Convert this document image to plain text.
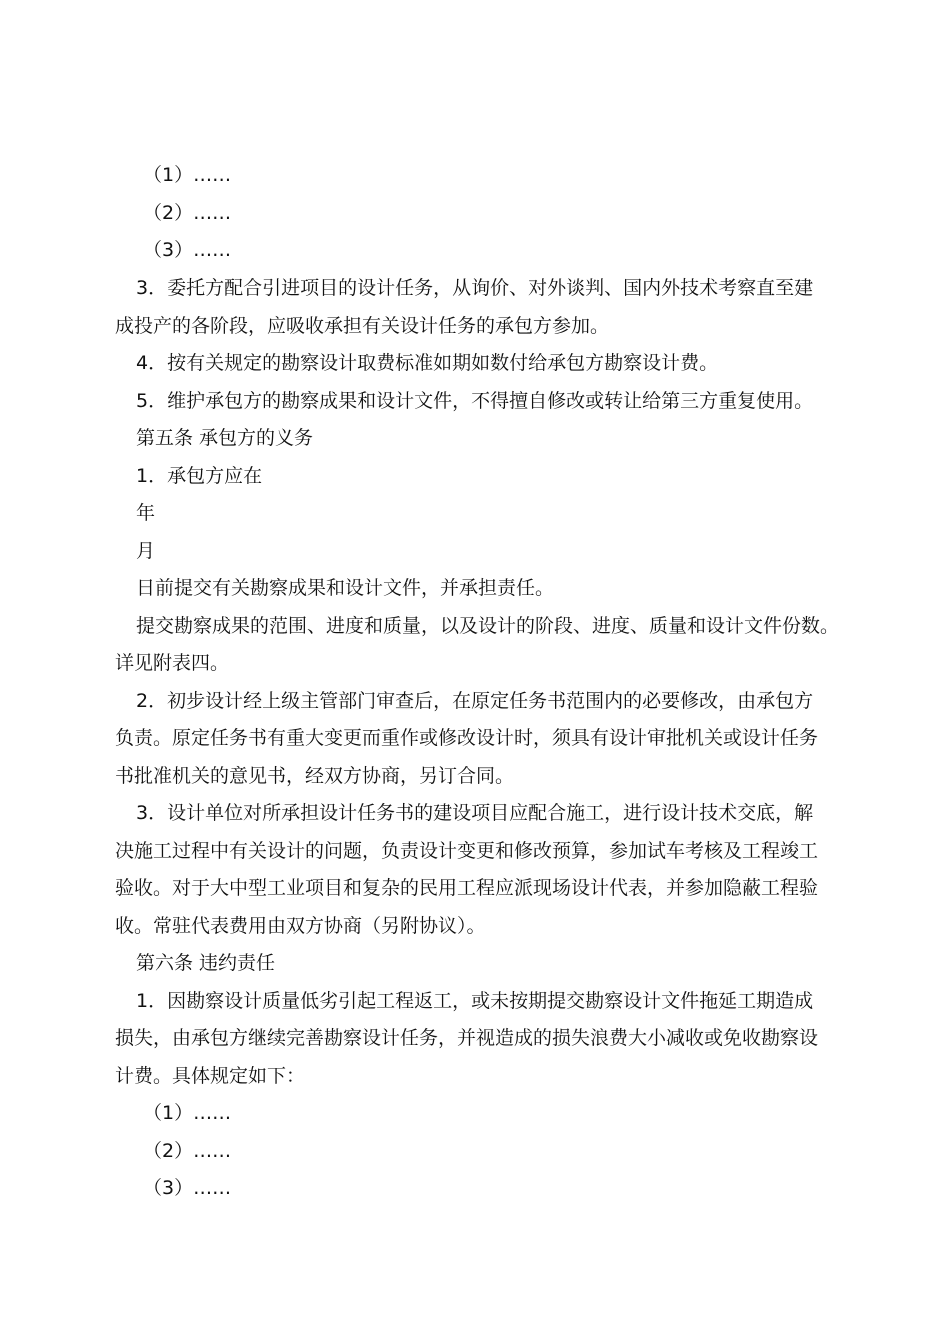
（1）……
（2）……
（3）……
3．委托方配合引进项目的设计任务，从询价、对外谈判、国内外技术考察直至建
成投产的各阶段，应吸收承担有关设计任务的承包方参加。
4．按有关规定的勘察设计取费标准如期如数付给承包方勘察设计费。
5．维护承包方的勘察成果和设计文件，不得擅自修改或转让给第三方重复使用。
第五条 承包方的义务
1．承包方应在
年
月
日前提交有关勘察成果和设计文件，并承担责任。
提交勘察成果的范围、进度和质量，以及设计的阶段、进度、质量和设计文件份数。
详见附表四。
2．初步设计经上级主管部门审查后，在原定任务书范围内的必要修改，由承包方
负责。原定任务书有重大变更而重作或修改设计时，须具有设计审批机关或设计任务
书批准机关的意见书，经双方协商，另订合同。
3．设计单位对所承担设计任务书的建设项目应配合施工，进行设计技术交底，解
决施工过程中有关设计的问题，负责设计变更和修改预算，参加试车考核及工程竣工
验收。对于大中型工业项目和复杂的民用工程应派现场设计代表，并参加隐蔽工程验
收。常驻代表费用由双方协商（另附协议）。
第六条 违约责任
1．因勘察设计质量低劣引起工程返工，或未按期提交勘察设计文件拖延工期造成
损失，由承包方继续完善勘察设计任务，并视造成的损失浪费大小减收或免收勘察设
计费。具体规定如下：
（1）……
（2）……
（3）……
